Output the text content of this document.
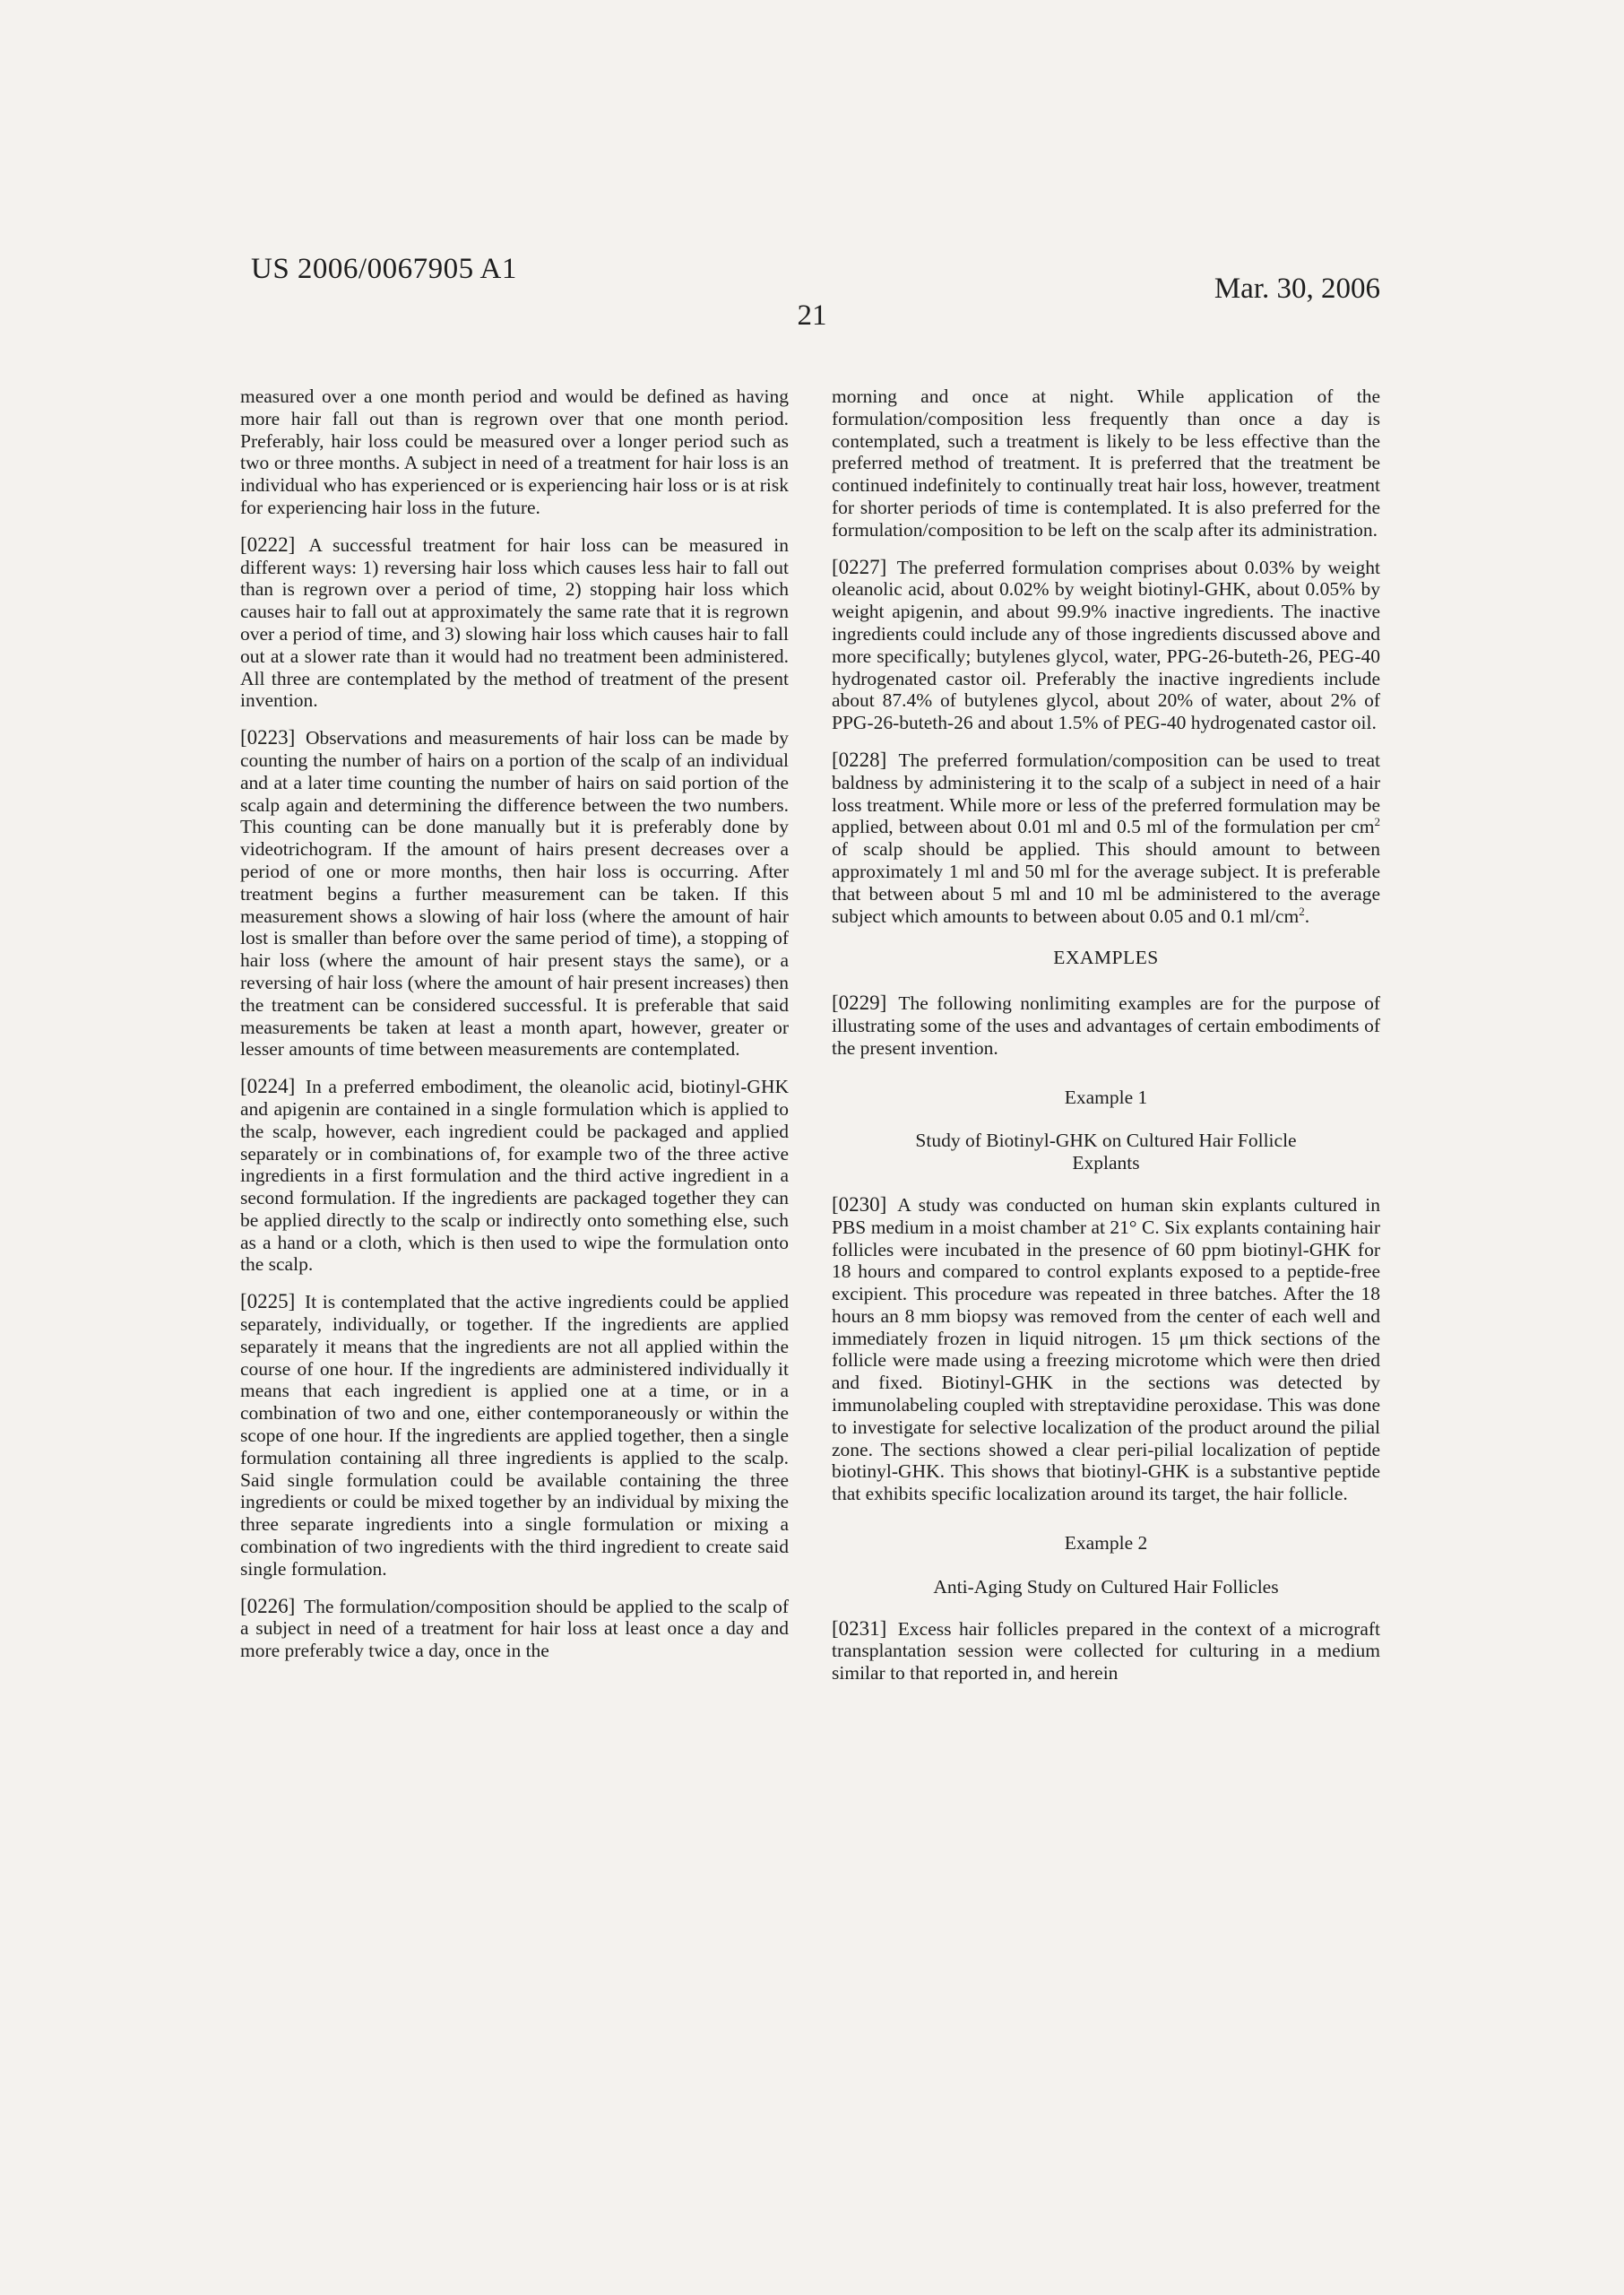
US 2006/0067905 A1
Mar. 30, 2006
21

measured over a one month period and would be defined as having more hair fall out than is regrown over that one month period. Preferably, hair loss could be measured over a longer period such as two or three months. A subject in need of a treatment for hair loss is an individual who has experienced or is experiencing hair loss or is at risk for experiencing hair loss in the future.

[0222] A successful treatment for hair loss can be measured in different ways: 1) reversing hair loss which causes less hair to fall out than is regrown over a period of time, 2) stopping hair loss which causes hair to fall out at approximately the same rate that it is regrown over a period of time, and 3) slowing hair loss which causes hair to fall out at a slower rate than it would had no treatment been administered. All three are contemplated by the method of treatment of the present invention.

[0223] Observations and measurements of hair loss can be made by counting the number of hairs on a portion of the scalp of an individual and at a later time counting the number of hairs on said portion of the scalp again and determining the difference between the two numbers. This counting can be done manually but it is preferably done by videotrichogram. If the amount of hairs present decreases over a period of one or more months, then hair loss is occurring. After treatment begins a further measurement can be taken. If this measurement shows a slowing of hair loss (where the amount of hair lost is smaller than before over the same period of time), a stopping of hair loss (where the amount of hair present stays the same), or a reversing of hair loss (where the amount of hair present increases) then the treatment can be considered successful. It is preferable that said measurements be taken at least a month apart, however, greater or lesser amounts of time between measurements are contemplated.

[0224] In a preferred embodiment, the oleanolic acid, biotinyl-GHK and apigenin are contained in a single formulation which is applied to the scalp, however, each ingredient could be packaged and applied separately or in combinations of, for example two of the three active ingredients in a first formulation and the third active ingredient in a second formulation. If the ingredients are packaged together they can be applied directly to the scalp or indirectly onto something else, such as a hand or a cloth, which is then used to wipe the formulation onto the scalp.

[0225] It is contemplated that the active ingredients could be applied separately, individually, or together. If the ingredients are applied separately it means that the ingredients are not all applied within the course of one hour. If the ingredients are administered individually it means that each ingredient is applied one at a time, or in a combination of two and one, either contemporaneously or within the scope of one hour. If the ingredients are applied together, then a single formulation containing all three ingredients is applied to the scalp. Said single formulation could be available containing the three ingredients or could be mixed together by an individual by mixing the three separate ingredients into a single formulation or mixing a combination of two ingredients with the third ingredient to create said single formulation.

[0226] The formulation/composition should be applied to the scalp of a subject in need of a treatment for hair loss at least once a day and more preferably twice a day, once in the

morning and once at night. While application of the formulation/composition less frequently than once a day is contemplated, such a treatment is likely to be less effective than the preferred method of treatment. It is preferred that the treatment be continued indefinitely to continually treat hair loss, however, treatment for shorter periods of time is contemplated. It is also preferred for the formulation/composition to be left on the scalp after its administration.

[0227] The preferred formulation comprises about 0.03% by weight oleanolic acid, about 0.02% by weight biotinyl-GHK, about 0.05% by weight apigenin, and about 99.9% inactive ingredients. The inactive ingredients could include any of those ingredients discussed above and more specifically; butylenes glycol, water, PPG-26-buteth-26, PEG-40 hydrogenated castor oil. Preferably the inactive ingredients include about 87.4% of butylenes glycol, about 20% of water, about 2% of PPG-26-buteth-26 and about 1.5% of PEG-40 hydrogenated castor oil.

[0228] The preferred formulation/composition can be used to treat baldness by administering it to the scalp of a subject in need of a hair loss treatment. While more or less of the preferred formulation may be applied, between about 0.01 ml and 0.5 ml of the formulation per $cm^2$ of scalp should be applied. This should amount to between approximately 1 ml and 50 ml for the average subject. It is preferable that between about 5 ml and 10 ml be administered to the average subject which amounts to between about 0.05 and 0.1 $ml/cm^2$.

EXAMPLES

[0229] The following nonlimiting examples are for the purpose of illustrating some of the uses and advantages of certain embodiments of the present invention.

Example 1
Study of Biotinyl-GHK on Cultured Hair Follicle
Explants

[0230] A study was conducted on human skin explants cultured in PBS medium in a moist chamber at 21° C. Six explants containing hair follicles were incubated in the presence of 60 ppm biotinyl-GHK for 18 hours and compared to control explants exposed to a peptide-free excipient. This procedure was repeated in three batches. After the 18 hours an 8 mm biopsy was removed from the center of each well and immediately frozen in liquid nitrogen. 15 μm thick sections of the follicle were made using a freezing microtome which were then dried and fixed. Biotinyl-GHK in the sections was detected by immunolabeling coupled with streptavidine peroxidase. This was done to investigate for selective localization of the product around the pilial zone. The sections showed a clear peri-pilial localization of peptide biotinyl-GHK. This shows that biotinyl-GHK is a substantive peptide that exhibits specific localization around its target, the hair follicle.

Example 2
Anti-Aging Study on Cultured Hair Follicles

[0231] Excess hair follicles prepared in the context of a micrograft transplantation session were collected for culturing in a medium similar to that reported in, and herein
